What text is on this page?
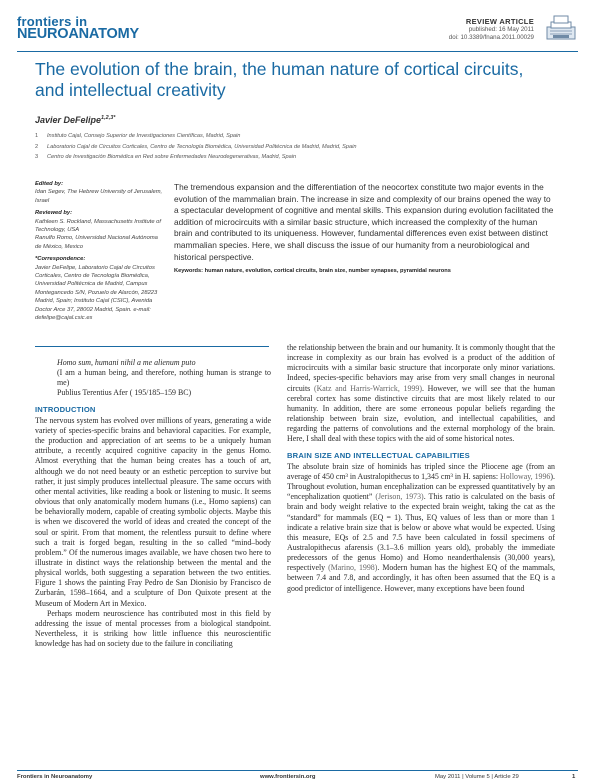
frontiers in
NEUROANATOMY
REVIEW ARTICLE
published: 16 May 2011
doi: 10.3389/fnana.2011.00029
The evolution of the brain, the human nature of cortical circuits, and intellectual creativity
Javier DeFelipe$^{1,2,3*}$
1 Instituto Cajal, Consejo Superior de Investigaciones Científicas, Madrid, Spain
2 Laboratorio Cajal de Circuitos Corticales, Centro de Tecnología Biomédica, Universidad Politécnica de Madrid, Madrid, Spain
3 Centro de Investigación Biomédica en Red sobre Enfermedades Neurodegenerativas, Madrid, Spain
Edited by:
Idan Segev, The Hebrew University of Jerusalem, Israel
Reviewed by:
Kathleen S. Rockland, Massachusetts Institute of Technology, USA
Ranulfo Romo, Universidad Nacional Autónoma de México, Mexico
*Correspondence:
Javier DeFelipe, Laboratorio Cajal de Circuitos Corticales, Centro de Tecnología Biomédica, Universidad Politécnica de Madrid, Campus Montegancedo S/N, Pozuelo de Alarcón, 28223 Madrid, Spain; Instituto Cajal (CSIC), Avenida Doctor Arce 37, 28002 Madrid, Spain. e-mail: defelipe@cajal.csic.es
The tremendous expansion and the differentiation of the neocortex constitute two major events in the evolution of the mammalian brain. The increase in size and complexity of our brains opened the way to a spectacular development of cognitive and mental skills. This expansion during evolution facilitated the addition of microcircuits with a similar basic structure, which increased the complexity of the human brain and contributed to its uniqueness. However, fundamental differences even exist between distinct mammalian species. Here, we shall discuss the issue of our humanity from a neurobiological and historical perspective.
Keywords: human nature, evolution, cortical circuits, brain size, number synapses, pyramidal neurons
Homo sum, humani nihil a me alienum puto
(I am a human being, and therefore, nothing human is strange to me)
Publius Terentius Afer ( 195/185–159 BC)
INTRODUCTION

The nervous system has evolved over millions of years, generating a wide variety of species-specific brains and behavioral capacities. For example, the production and appreciation of art seems to be a uniquely human attribute, a recently acquired cognitive capacity in the genus Homo. Almost everything that the human being creates has a touch of art, although we do not need beauty or an esthetic perception to survive but rather, it just simply produces intellectual pleasure. The same occurs with other mental activities, like reading a book or listening to music. It seems obvious that only anatomically modern humans (i.e., Homo sapiens) can be behaviorally modern, capable of creating symbolic objects. Maybe this is when we discovered the world of ideas and created the concept of the soul or spirit. From that moment, the relentless pursuit to define where such a trait is forged began, resulting in the so called “mind–body problem.” Of the numerous images available, we have chosen two here to illustrate in distinct ways the relationship between the mental and the physical worlds, both suggesting a separation between the two entities. Figure 1 shows the painting Fray Pedro de San Dionisio by Francisco de Zurbarán, 1598–1664, and a sculpture of Don Quixote present at the Museum of Modern Art in Mexico.

Perhaps modern neuroscience has contributed most in this field by addressing the issue of mental processes from a biological standpoint. Nevertheless, it is striking how little influence this neuroscientific knowledge has had on society due to the failure in conciliating

the relationship between the brain and our humanity. It is commonly thought that the increase in complexity as our brain has evolved is a product of the addition of microcircuits with a similar basic structure that incorporate only minor variations. Indeed, species-specific behaviors may arise from very small changes in neuronal circuits (Katz and Harris-Warrick, 1999). However, we will see that the human cerebral cortex has some distinctive circuits that are most likely related to our humanity. In addition, there are some erroneous popular beliefs regarding the relationship between brain size, evolution, and intellectual capabilities, and regarding the patterns of convolutions and the external morphology of the brain. Here, I shall deal with these topics with the aid of some historical notes.

BRAIN SIZE AND INTELLECTUAL CAPABILITIES

The absolute brain size of hominids has tripled since the Pliocene age (from an average of 450 cm³ in Australopithecus to 1,345 cm³ in H. sapiens: Holloway, 1996). Throughout evolution, human encephalization can be expressed quantitatively by an “encephalization quotient” (Jerison, 1973). This ratio is calculated on the basis of brain and body weight relative to the expected brain weight, taking the cat as the “standard” for mammals (EQ = 1). Thus, EQ values of less than or more than 1 indicate a relative brain size that is below or above what would be expected. Using this measure, EQs of 2.5 and 7.5 have been calculated in fossil specimens of Australopithecus afarensis (3.1–3.6 million years old), probably the immediate predecessors of the genus Homo) and Homo neanderthalensis (30,000 years), respectively (Marino, 1998). Modern human has the highest EQ of the mammals, between 7.4 and 7.8, and accordingly, it has often been assumed that the EQ is a good predictor of intelligence. However, many exceptions have been found

Frontiers in Neuroanatomy	www.frontiersin.org	May 2011 | Volume 5 | Article 29	1
